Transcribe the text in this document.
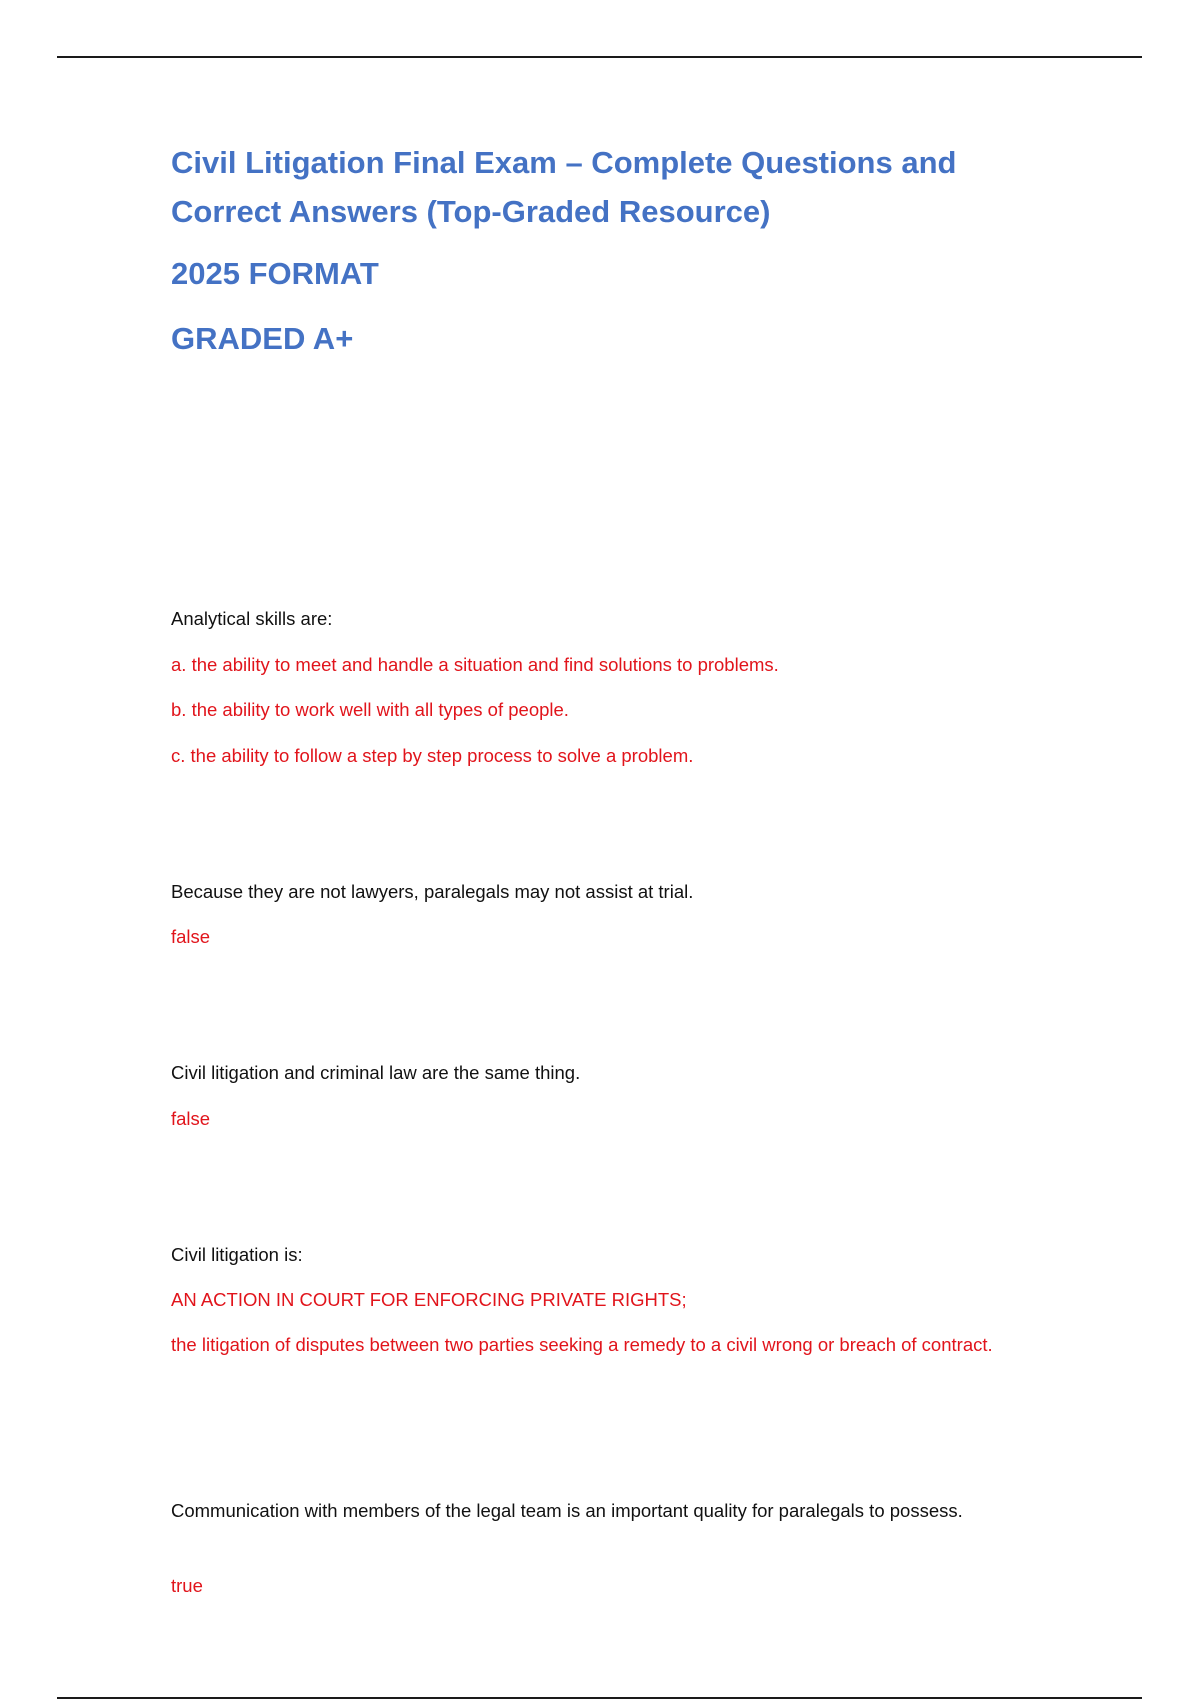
Civil Litigation Final Exam – Complete Questions and Correct Answers (Top-Graded Resource)
2025 FORMAT
GRADED A+

Analytical skills are:

a. the ability to meet and handle a situation and find solutions to problems.

b. the ability to work well with all types of people.

c. the ability to follow a step by step process to solve a problem.

Because they are not lawyers, paralegals may not assist at trial.

false

Civil litigation and criminal law are the same thing.

false

Civil litigation is:

AN ACTION IN COURT FOR ENFORCING PRIVATE RIGHTS;

the litigation of disputes between two parties seeking a remedy to a civil wrong or breach of contract.

Communication with members of the legal team is an important quality for paralegals to possess.

true
